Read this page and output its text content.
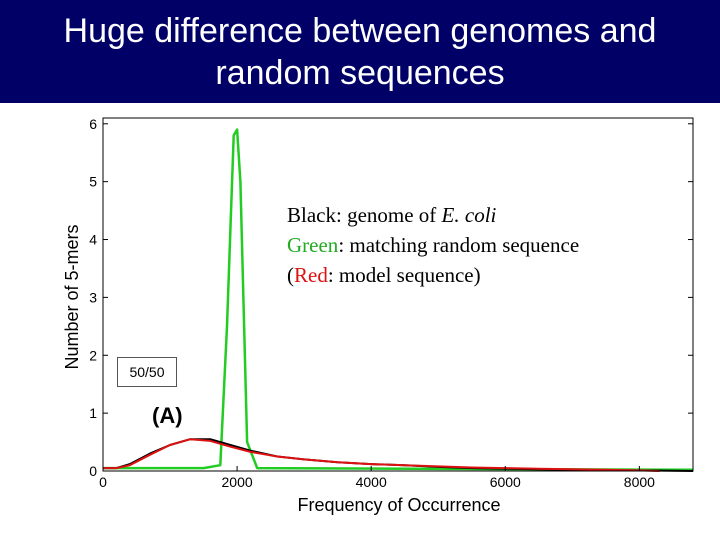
Huge difference between genomes and
random sequences
0
1
2
3
4
5
6
0	2000	4000	6000	8000
(A)
Frequency of Occurrence
Number of 5-mers
Black: genome of E. coli
Green: matching random sequence
(Red: model sequence)
50/50
